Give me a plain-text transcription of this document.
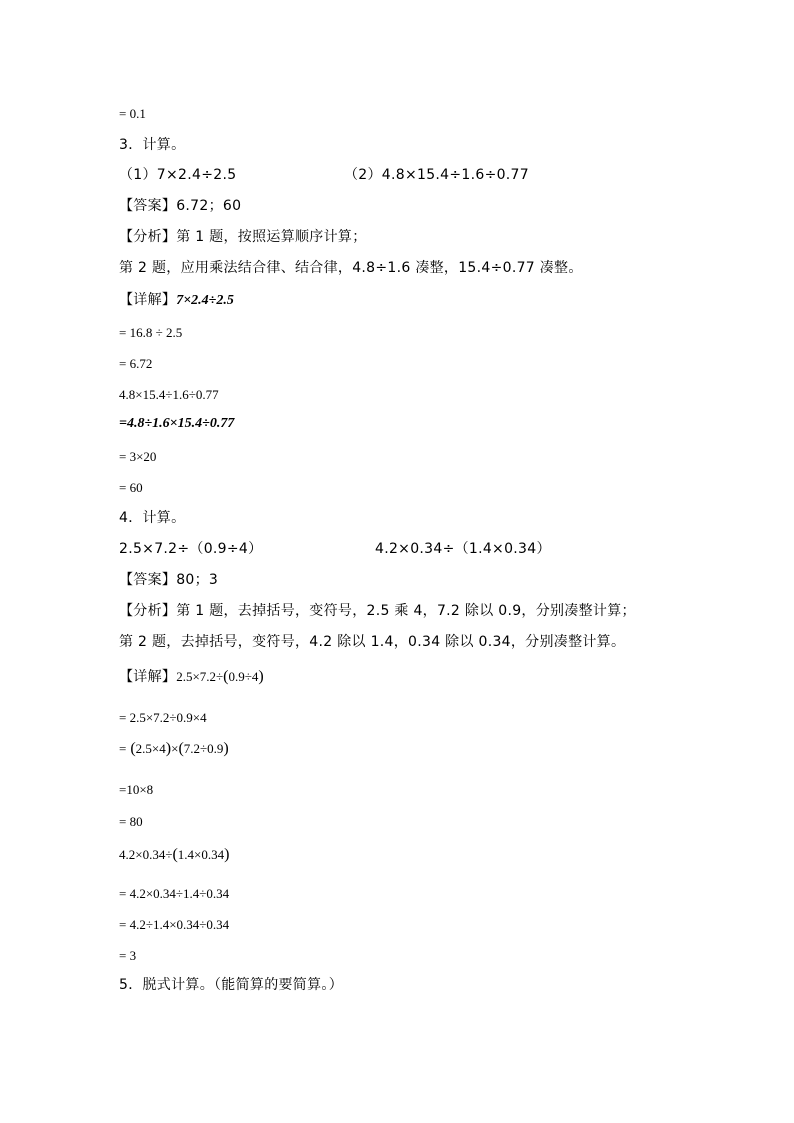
= 0.1
3．计算。
（1）7×2.4÷2.5	（2）4.8×15.4÷1.6÷0.77
【答案】6.72；60
【分析】第 1 题，按照运算顺序计算；
第 2 题，应用乘法结合律、结合律，4.8÷1.6 凑整，15.4÷0.77 凑整。
【详解】7×2.4÷2.5
= 16.8 ÷ 2.5
= 6.72
4.8×15.4÷1.6÷0.77
=4.8÷1.6×15.4÷0.77
= 3×20
= 60
4．计算。
2.5×7.2÷（0.9÷4）	4.2×0.34÷（1.4×0.34）
【答案】80；3
【分析】第 1 题，去掉括号，变符号，2.5 乘 4，7.2 除以 0.9，分别凑整计算；
第 2 题，去掉括号，变符号，4.2 除以 1.4，0.34 除以 0.34，分别凑整计算。
【详解】2.5×7.2÷(0.9÷4)
= 2.5×7.2÷0.9×4
= (2.5×4)×(7.2÷0.9)
=10×8
= 80
4.2×0.34÷(1.4×0.34)
= 4.2×0.34÷1.4÷0.34
= 4.2÷1.4×0.34÷0.34
= 3
5．脱式计算。（能简算的要简算。）
